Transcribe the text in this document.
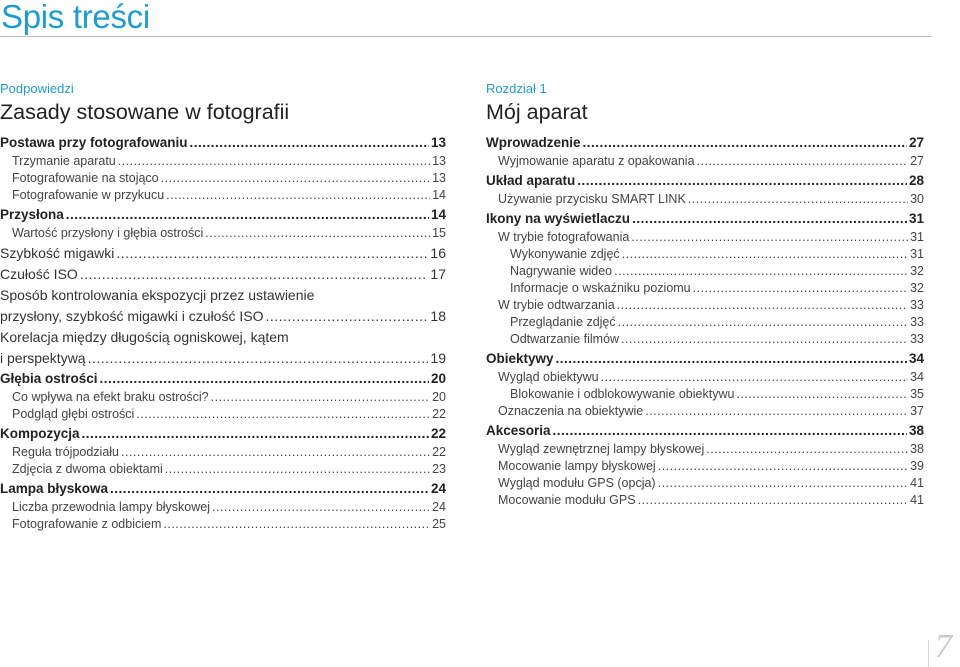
Spis treści
Podpowiedzi
Zasady stosowane w fotografii
Postawa przy fotografowaniu .....	13
Trzymanie aparatu .....	13
Fotografowanie na stojąco .....	13
Fotografowanie w przykucu .....	14
Przysłona .....	14
Wartość przysłony i głębia ostrości .....	15
Szybkość migawki .....	16
Czułość ISO .....	17
Sposób kontrolowania ekspozycji przez ustawienie
przysłony, szybkość migawki i czułość ISO .....	18
Korelacja między długością ogniskowej, kątem
i perspektywą .....	19
Głębia ostrości .....	20
Co wpływa na efekt braku ostrości? .....	20
Podgląd głębi ostrości .....	22
Kompozycja .....	22
Reguła trójpodziału .....	22
Zdjęcia z dwoma obiektami .....	23
Lampa błyskowa .....	24
Liczba przewodnia lampy błyskowej .....	24
Fotografowanie z odbiciem .....	25
Rozdział 1
Mój aparat
Wprowadzenie .....	27
Wyjmowanie aparatu z opakowania .....	27
Układ aparatu .....	28
Używanie przycisku SMART LINK .....	30
Ikony na wyświetlaczu .....	31
W trybie fotografowania .....	31
Wykonywanie zdjęć .....	31
Nagrywanie wideo .....	32
Informacje o wskaźniku poziomu .....	32
W trybie odtwarzania .....	33
Przeglądanie zdjęć .....	33
Odtwarzanie filmów .....	33
Obiektywy .....	34
Wygląd obiektywu .....	34
Blokowanie i odblokowywanie obiektywu .....	35
Oznaczenia na obiektywie .....	37
Akcesoria .....	38
Wygląd zewnętrznej lampy błyskowej .....	38
Mocowanie lampy błyskowej .....	39
Wygląd modułu GPS (opcja) .....	41
Mocowanie modułu GPS .....	41
7
